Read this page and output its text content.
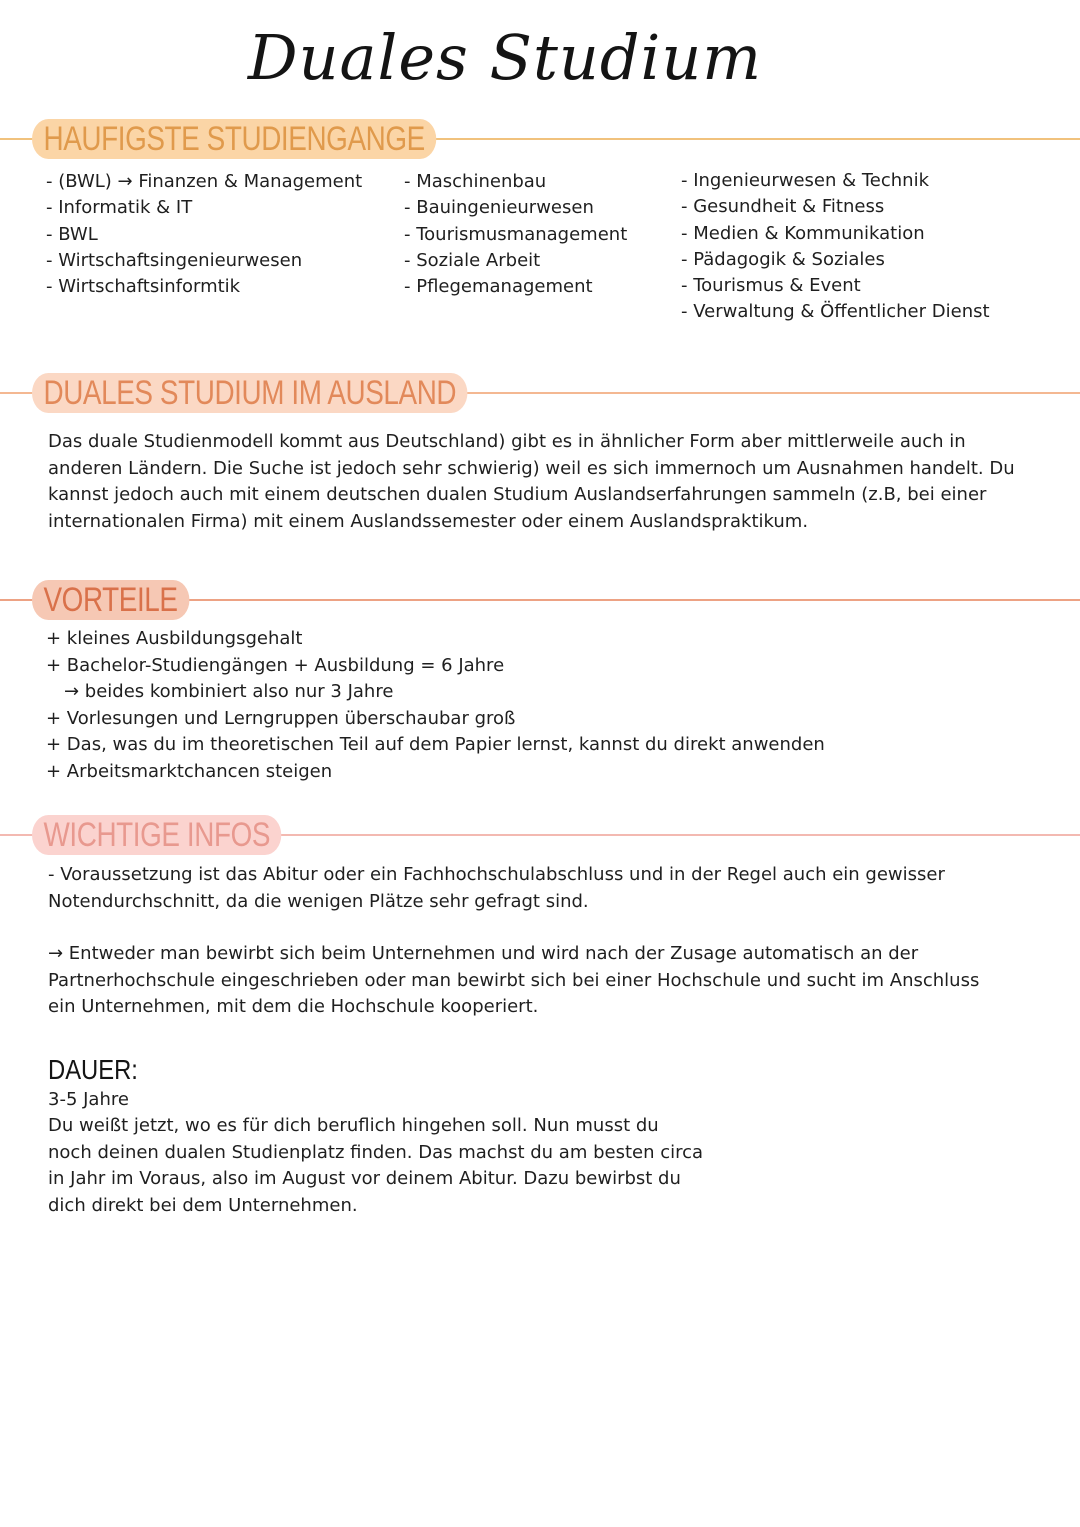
Duales Studium
HAUFIGSTE STUDIENGANGE
- (BWL) → Finanzen & Management
- Informatik & IT
- BWL
- Wirtschaftsingenieurwesen
- Wirtschaftsinformtik
- Maschinenbau
- Bauingenieurwesen
- Tourismusmanagement
- Soziale Arbeit
- Pflegemanagement
- Ingenieurwesen & Technik
- Gesundheit & Fitness
- Medien & Kommunikation
- Pädagogik & Soziales
- Tourismus & Event
- Verwaltung & Öffentlicher Dienst
DUALES STUDIUM IM AUSLAND

Das duale Studienmodell kommt aus Deutschland) gibt es in ähnlicher Form aber mittlerweile auch in anderen Ländern. Die Suche ist jedoch sehr schwierig) weil es sich immernoch um Ausnahmen handelt. Du kannst jedoch auch mit einem deutschen dualen Studium Auslandserfahrungen sammeln (z.B, bei einer internationalen Firma) mit einem Auslandssemester oder einem Auslandspraktikum.

VORTEILE
+ kleines Ausbildungsgehalt
+ Bachelor-Studiengängen + Ausbildung = 6 Jahre
→ beides kombiniert also nur 3 Jahre
+ Vorlesungen und Lerngruppen überschaubar groß
+ Das, was du im theoretischen Teil auf dem Papier lernst, kannst du direkt anwenden
+ Arbeitsmarktchancen steigen
WICHTIGE INFOS

- Voraussetzung ist das Abitur oder ein Fachhochschulabschluss und in der Regel auch ein gewisser Notendurchschnitt, da die wenigen Plätze sehr gefragt sind.

→ Entweder man bewirbt sich beim Unternehmen und wird nach der Zusage automatisch an der Partnerhochschule eingeschrieben oder man bewirbt sich bei einer Hochschule und sucht im Anschluss ein Unternehmen, mit dem die Hochschule kooperiert.

DAUER:

3-5 Jahre

Du weißt jetzt, wo es für dich beruflich hingehen soll. Nun musst du noch deinen dualen Studienplatz finden. Das machst du am besten circa in Jahr im Voraus, also im August vor deinem Abitur. Dazu bewirbst du dich direkt bei dem Unternehmen.
